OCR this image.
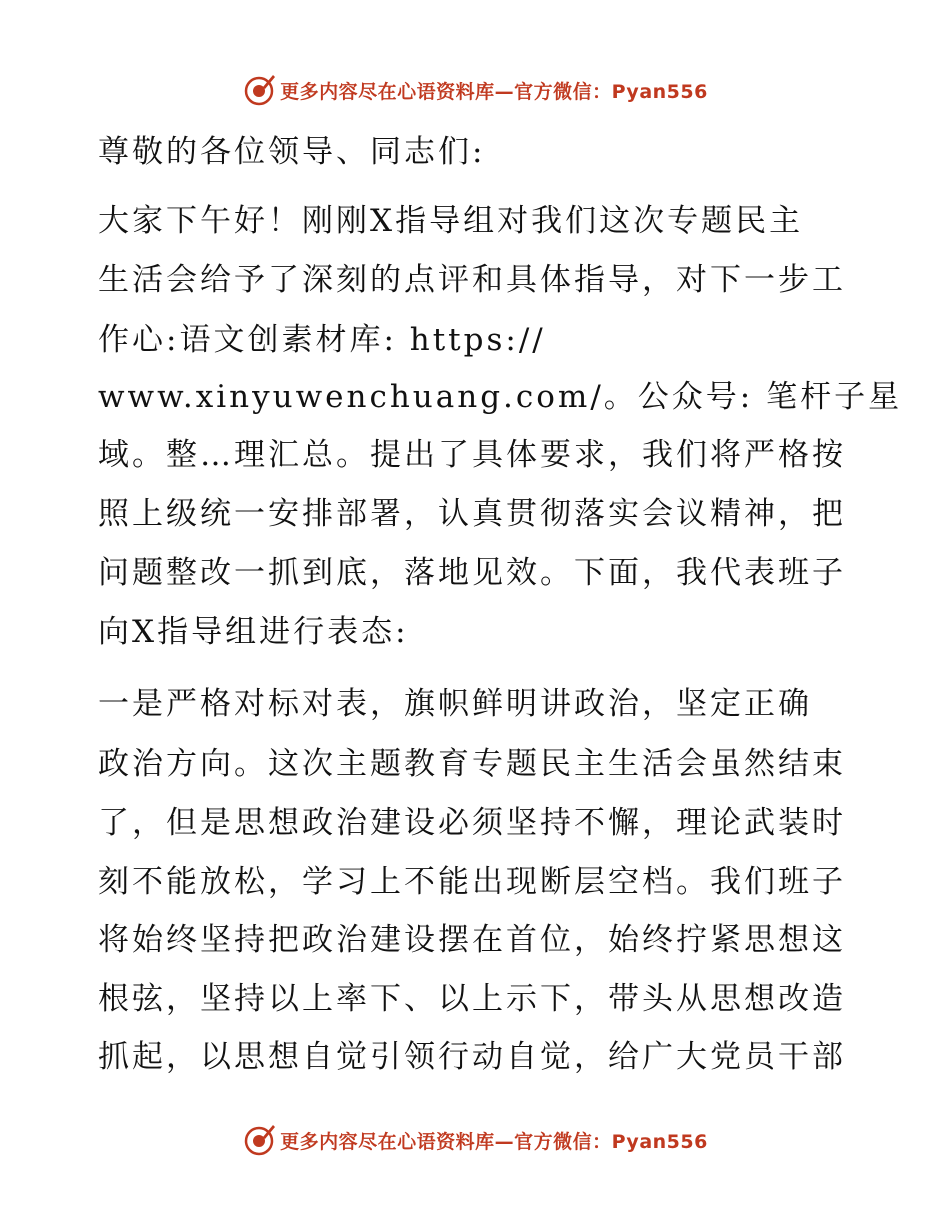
更多内容尽在心语资料库—官方微信：Pyan556

尊敬的各位领导、同志们:

大家下午好！刚刚X指导组对我们这次专题民主

生活会给予了深刻的点评和具体指导，对下一步工

作心:语文创素材库: https://

www.xinyuwenchuang.com/。公众号: 笔杆子星

域。整…理汇总。提出了具体要求，我们将严格按

照上级统一安排部署，认真贯彻落实会议精神，把

问题整改一抓到底，落地见效。下面，我代表班子

向X指导组进行表态:

一是严格对标对表，旗帜鲜明讲政治，坚定正确

政治方向。这次主题教育专题民主生活会虽然结束

了，但是思想政治建设必须坚持不懈，理论武装时

刻不能放松，学习上不能出现断层空档。我们班子

将始终坚持把政治建设摆在首位，始终拧紧思想这

根弦，坚持以上率下、以上示下，带头从思想改造

抓起，以思想自觉引领行动自觉，给广大党员干部

更多内容尽在心语资料库—官方微信：Pyan556
